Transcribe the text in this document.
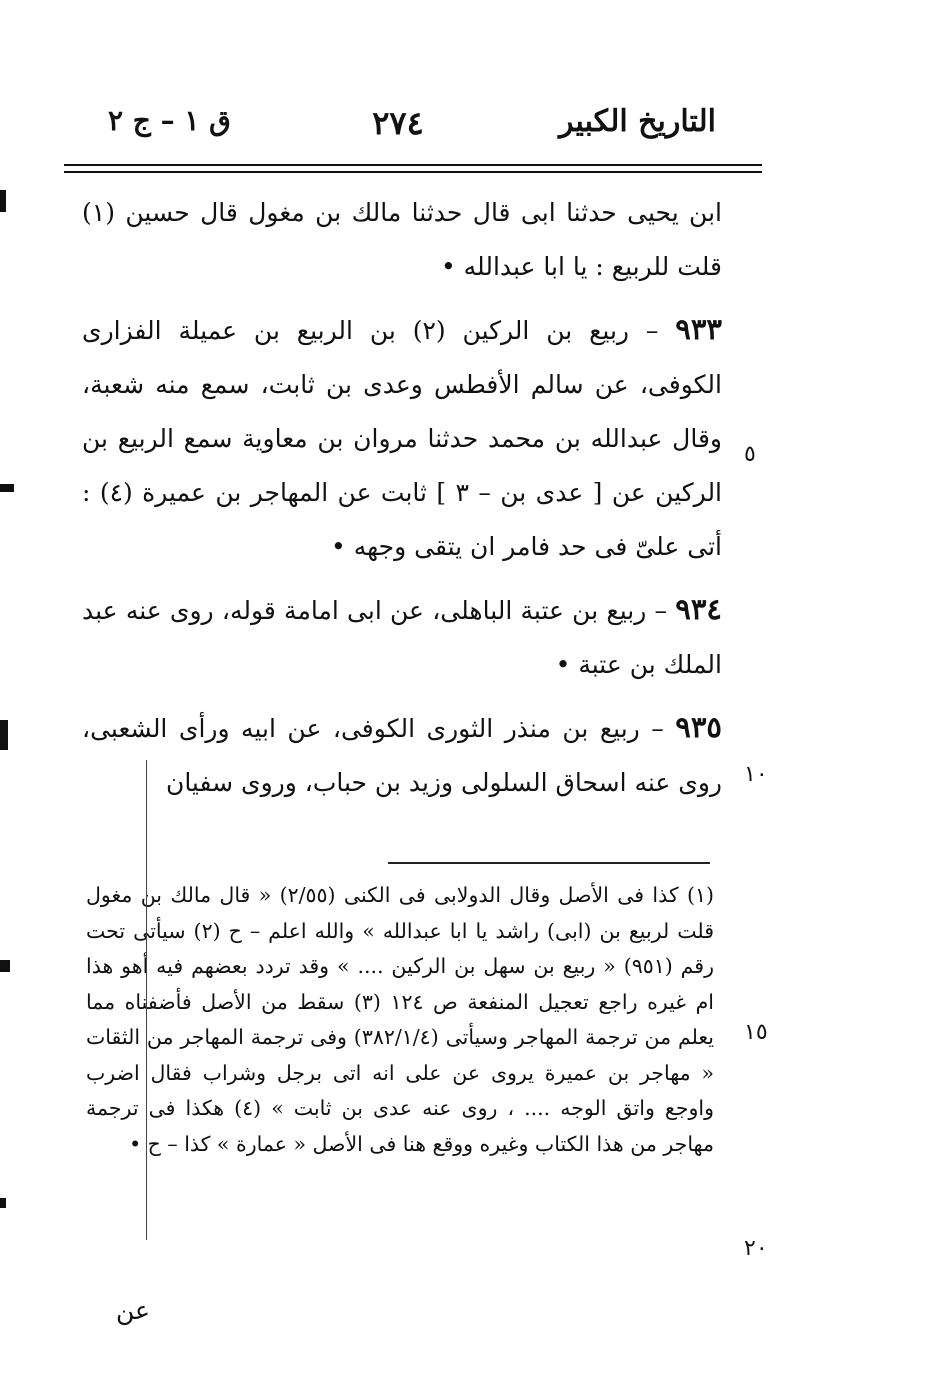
التاريخ الكبير
٢٧٤
ق ١ – ج ٢

ابن يحيى حدثنا ابى قال حدثنا مالك بن مغول قال حسين (١) قلت للربيع : يا ابا عبدالله •

٩٣٣ – ربيع بن الركين (٢) بن الربيع بن عميلة الفزارى الكوفى، عن سالم الأفطس وعدى بن ثابت، سمع منه شعبة، وقال عبدالله بن محمد حدثنا مروان بن معاوية سمع الربيع بن الركين عن [ عدى بن – ٣ ] ثابت عن المهاجر بن عميرة (٤) : أتى علىّ فى حد فامر ان يتقى وجهه •

٩٣٤ – ربيع بن عتبة الباهلى، عن ابى امامة قوله، روى عنه عبد الملك بن عتبة •

٩٣٥ – ربيع بن منذر الثورى الكوفى، عن ابيه ورأى الشعبى، روى عنه اسحاق السلولى وزيد بن حباب، وروى سفيان

٥
١٠

(١) كذا فى الأصل وقال الدولابى فى الكنى (٢/٥٥) « قال مالك بن مغول قلت لربيع بن (ابى) راشد يا ابا عبدالله » والله اعلم – ح (٢) سيأتى تحت رقم (٩٥١) « ربيع بن سهل بن الركين .... » وقد تردد بعضهم فيه أهو هذا ام غيره راجع تعجيل المنفعة ص ١٢٤ (٣) سقط من الأصل فأضفناه مما يعلم من ترجمة المهاجر وسيأتى (٣٨٢/١/٤) وفى ترجمة المهاجر من الثقات « مهاجر بن عميرة يروى عن على انه اتى برجل وشراب فقال اضرب واوجع واتق الوجه .... ، روى عنه عدى بن ثابت » (٤) هكذا فى ترجمة مهاجر من هذا الكتاب وغيره ووقع هنا فى الأصل « عمارة » كذا – ح •

١٥
٢٠
عن
